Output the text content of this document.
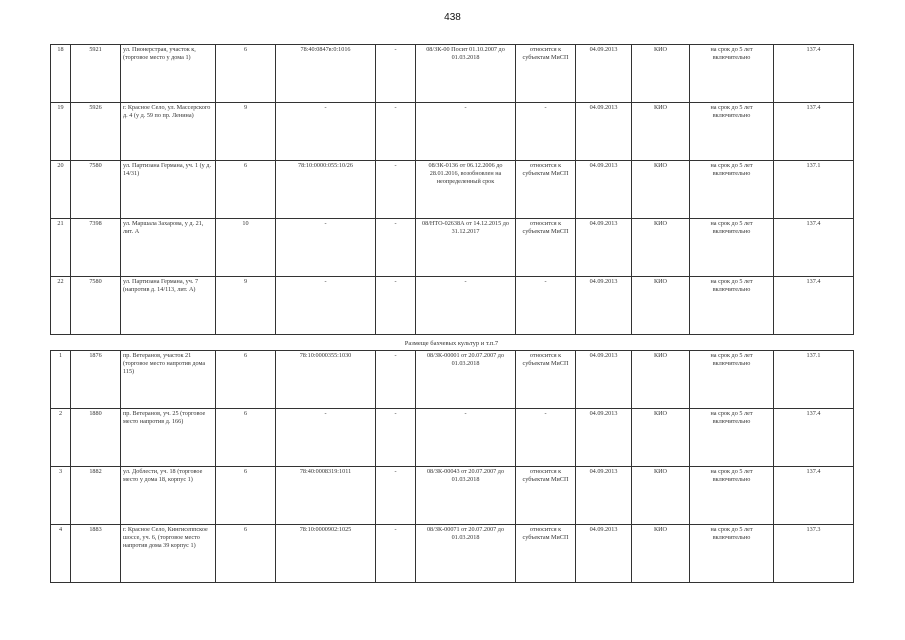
438
18	5921	ул. Пионерстрая, участок к, (торговое место у дома 1)	6	78:40:0847в:0:1016	-	08/ЗК-00 Посит 01.10.2007 до 01.03.2018	относится к субъектам МиСП	04.09.2013	КИО	на срок до 5 лет включительно	137.4
19	5926	г. Красное Село, ул. Массерского д. 4 (у д. 59 по пр. Ленина)	9	-	-	-	-	04.09.2013	КИО	на срок до 5 лет включительно	137.4
20	7580	ул. Партизана Германа, уч. 1 (у д. 14/31)	6	78:10:0000:055:10/26	-	08/ЗК-0136 от 06.12.2006 до 28.01.2016, возобновлен на неопределенный срок	относится к субъектам МиСП	04.09.2013	КИО	на срок до 5 лет включительно	137.1
21	7398	ул. Маршала Захарова, у д. 21, лит. А	10	-	-	08/НТО-02638А от 14.12.2015 до 31.12.2017	относится к субъектам МиСП	04.09.2013	КИО	на срок до 5 лет включительно	137.4
22	7580	ул. Партизана Германа, уч. 7 (напротив д. 14/113, лит. А)	9	-	-	-	-	04.09.2013	КИО	на срок до 5 лет включительно	137.4
Размеще бахчевых культур и т.п.7
1	1876	пр. Ветеранов, участок 21 (торговое место напротив дома 115)	6	78:10:0000355:1030	-	08/ЗК-00001 от 20.07.2007 до 01.03.2018	относится к субъектам МиСП	04.09.2013	КИО	на срок до 5 лет включительно	137.1
2	1880	пр. Ветеранов, уч. 25 (торговое место напротив д. 166)	6	-	-	-	-	04.09.2013	КИО	на срок до 5 лет включительно	137.4
3	1882	ул. Доблести, уч. 18 (торговое место у дома 18, корпус 1)	6	78:40:0008319:1011	-	08/ЗК-00043 от 20.07.2007 до 01.03.2018	относится к субъектам МиСП	04.09.2013	КИО	на срок до 5 лет включительно	137.4
4	1883	г. Красное Село, Кингисеппское шоссе, уч. 6, (торговое место напротив дома 39 корпус 1)	6	78:10:0000902:1025	-	08/ЗК-00071 от 20.07.2007 до 01.03.2018	относится к субъектам МиСП	04.09.2013	КИО	на срок до 5 лет включительно	137.3
